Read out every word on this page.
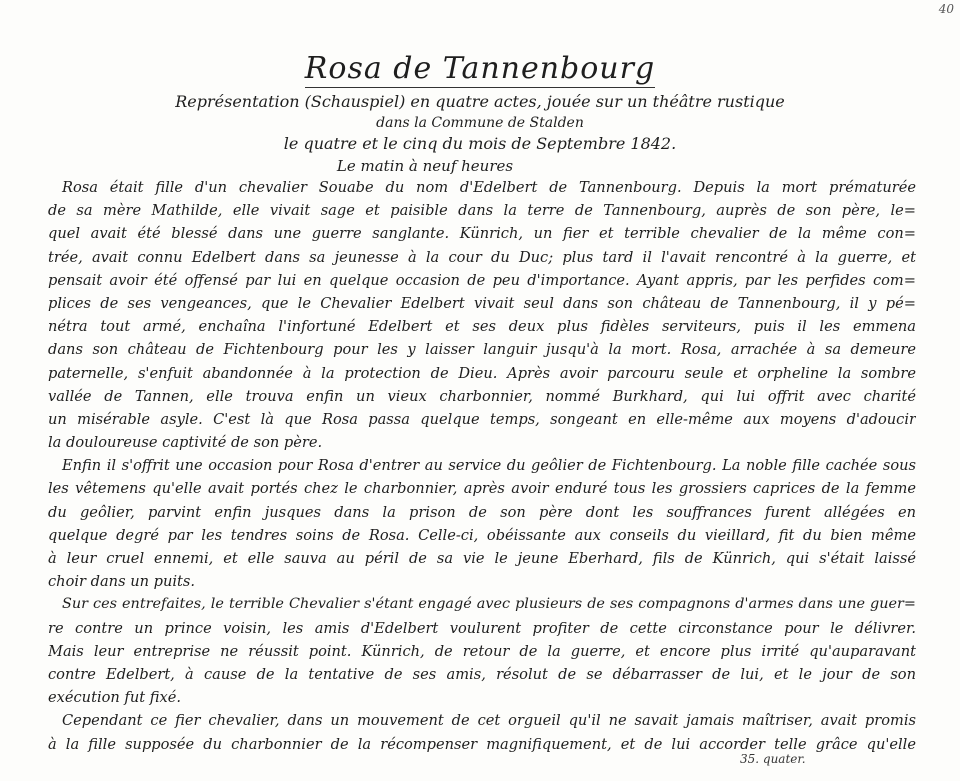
40
Rosa de Tannenbourg
Représentation (Schauspiel) en quatre actes, jouée sur un théâtre rustique
dans la Commune de Stalden
le quatre et le cinq du mois de Septembre 1842.
Le matin à neuf heures
Rosa était fille d'un chevalier Souabe du nom d'Edelbert de Tannenbourg. Depuis la mort prématurée
de sa mère Mathilde, elle vivait sage et paisible dans la terre de Tannenbourg, auprès de son père, le=
quel avait été blessé dans une guerre sanglante. Künrich, un fier et terrible chevalier de la même con=
trée, avait connu Edelbert dans sa jeunesse à la cour du Duc; plus tard il l'avait rencontré à la guerre, et
pensait avoir été offensé par lui en quelque occasion de peu d'importance. Ayant appris, par les perfides com=
plices de ses vengeances, que le Chevalier Edelbert vivait seul dans son château de Tannenbourg, il y pé=
nétra tout armé, enchaîna l'infortuné Edelbert et ses deux plus fidèles serviteurs, puis il les emmena
dans son château de Fichtenbourg pour les y laisser languir jusqu'à la mort. Rosa, arrachée à sa demeure
paternelle, s'enfuit abandonnée à la protection de Dieu. Après avoir parcouru seule et orpheline la sombre
vallée de Tannen, elle trouva enfin un vieux charbonnier, nommé Burkhard, qui lui offrit avec charité
un misérable asyle. C'est là que Rosa passa quelque temps, songeant en elle-même aux moyens d'adoucir
la douloureuse captivité de son père.
Enfin il s'offrit une occasion pour Rosa d'entrer au service du geôlier de Fichtenbourg. La noble fille cachée sous
les vêtemens qu'elle avait portés chez le charbonnier, après avoir enduré tous les grossiers caprices de la femme
du geôlier, parvint enfin jusques dans la prison de son père dont les souffrances furent allégées en
quelque degré par les tendres soins de Rosa. Celle-ci, obéissante aux conseils du vieillard, fit du bien même
à leur cruel ennemi, et elle sauva au péril de sa vie le jeune Eberhard, fils de Künrich, qui s'était laissé
choir dans un puits.
Sur ces entrefaites, le terrible Chevalier s'étant engagé avec plusieurs de ses compagnons d'armes dans une guer=
re contre un prince voisin, les amis d'Edelbert voulurent profiter de cette circonstance pour le délivrer.
Mais leur entreprise ne réussit point. Künrich, de retour de la guerre, et encore plus irrité qu'auparavant
contre Edelbert, à cause de la tentative de ses amis, résolut de se débarrasser de lui, et le jour de son
exécution fut fixé.
Cependant ce fier chevalier, dans un mouvement de cet orgueil qu'il ne savait jamais maîtriser, avait promis
à la fille supposée du charbonnier de la récompenser magnifiquement, et de lui accorder telle grâce qu'elle
35. quater.
